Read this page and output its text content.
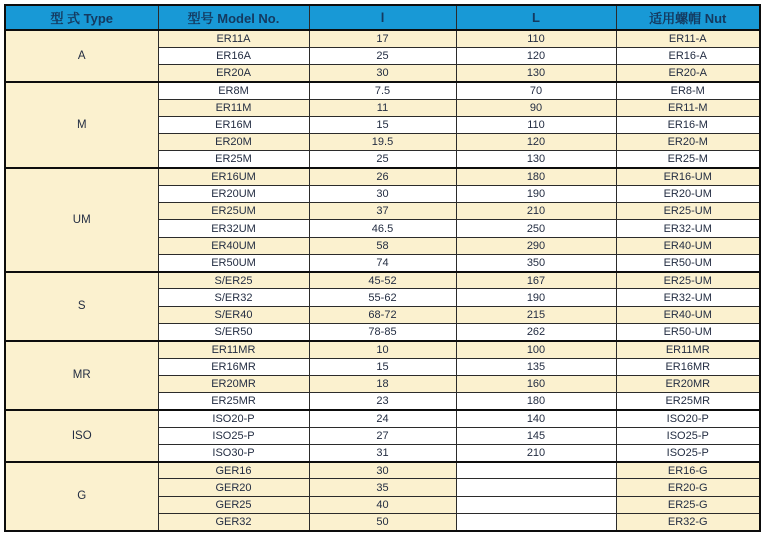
型 式 Type	型号 Model No.	l	L	适用螺帽 Nut
A	ER11A	17	110	ER11-A
	ER16A	25	120	ER16-A
	ER20A	30	130	ER20-A
M	ER8M	7.5	70	ER8-M
	ER11M	11	90	ER11-M
	ER16M	15	110	ER16-M
	ER20M	19.5	120	ER20-M
	ER25M	25	130	ER25-M
UM	ER16UM	26	180	ER16-UM
	ER20UM	30	190	ER20-UM
	ER25UM	37	210	ER25-UM
	ER32UM	46.5	250	ER32-UM
	ER40UM	58	290	ER40-UM
	ER50UM	74	350	ER50-UM
S	S/ER25	45-52	167	ER25-UM
	S/ER32	55-62	190	ER32-UM
	S/ER40	68-72	215	ER40-UM
	S/ER50	78-85	262	ER50-UM
MR	ER11MR	10	100	ER11MR
	ER16MR	15	135	ER16MR
	ER20MR	18	160	ER20MR
	ER25MR	23	180	ER25MR
ISO	ISO20-P	24	140	ISO20-P
	ISO25-P	27	145	ISO25-P
	ISO30-P	31	210	ISO25-P
G	GER16	30		ER16-G
	GER20	35		ER20-G
	GER25	40		ER25-G
	GER32	50		ER32-G
